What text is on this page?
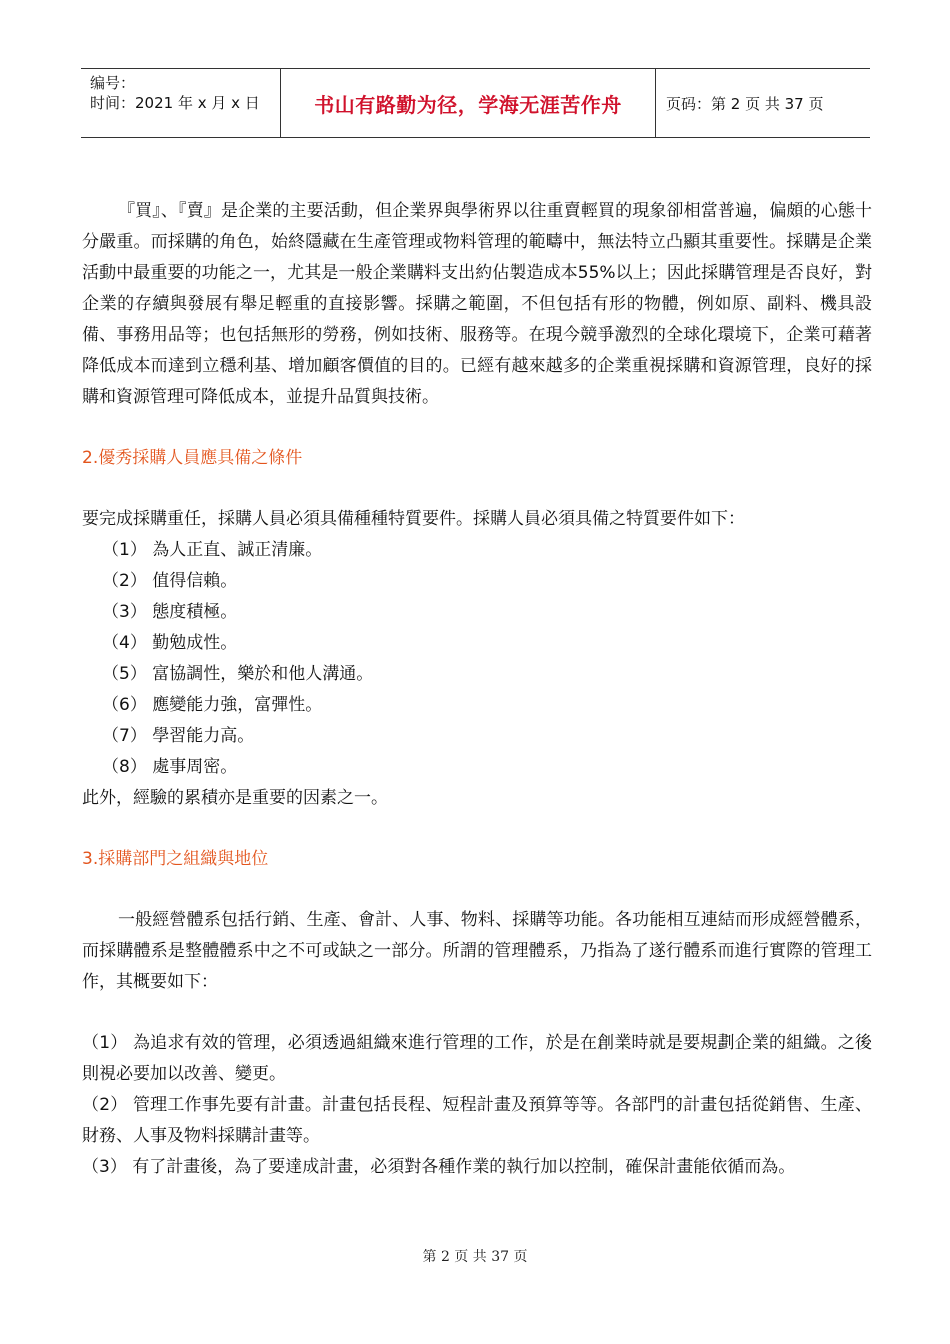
编号：
时间：2021 年 x 月 x 日	书山有路勤为径，学海无涯苦作舟	页码：第 2 页 共 37 页

『買』、『賣』是企業的主要活動，但企業界與學術界以往重賣輕買的現象卻相當普遍，偏頗的心態十分嚴重。而採購的角色，始終隱藏在生產管理或物料管理的範疇中，無法特立凸顯其重要性。採購是企業活動中最重要的功能之一，尤其是一般企業購料支出約佔製造成本55%以上；因此採購管理是否良好，對企業的存續與發展有舉足輕重的直接影響。採購之範圍，不但包括有形的物體，例如原、副料、機具設備、事務用品等；也包括無形的勞務，例如技術、服務等。在現今競爭激烈的全球化環境下，企業可藉著降低成本而達到立穩利基、增加顧客價值的目的。已經有越來越多的企業重視採購和資源管理，良好的採購和資源管理可降低成本，並提升品質與技術。

2.優秀採購人員應具備之條件

要完成採購重任，採購人員必須具備種種特質要件。採購人員必須具備之特質要件如下：

（1） 為人正直、誠正清廉。

（2） 值得信賴。

（3） 態度積極。

（4） 勤勉成性。

（5） 富協調性，樂於和他人溝通。

（6） 應變能力強，富彈性。

（7） 學習能力高。

（8） 處事周密。

此外，經驗的累積亦是重要的因素之一。

3.採購部門之組織與地位

一般經營體系包括行銷、生產、會計、人事、物料、採購等功能。各功能相互連結而形成經營體系，而採購體系是整體體系中之不可或缺之一部分。所謂的管理體系，乃指為了遂行體系而進行實際的管理工作，其概要如下：

（1） 為追求有效的管理，必須透過組織來進行管理的工作，於是在創業時就是要規劃企業的組織。之後則視必要加以改善、變更。

（2） 管理工作事先要有計畫。計畫包括長程、短程計畫及預算等等。各部門的計畫包括從銷售、生產、財務、人事及物料採購計畫等。

（3） 有了計畫後，為了要達成計畫，必須對各種作業的執行加以控制，確保計畫能依循而為。

第 2 页 共 37 页
